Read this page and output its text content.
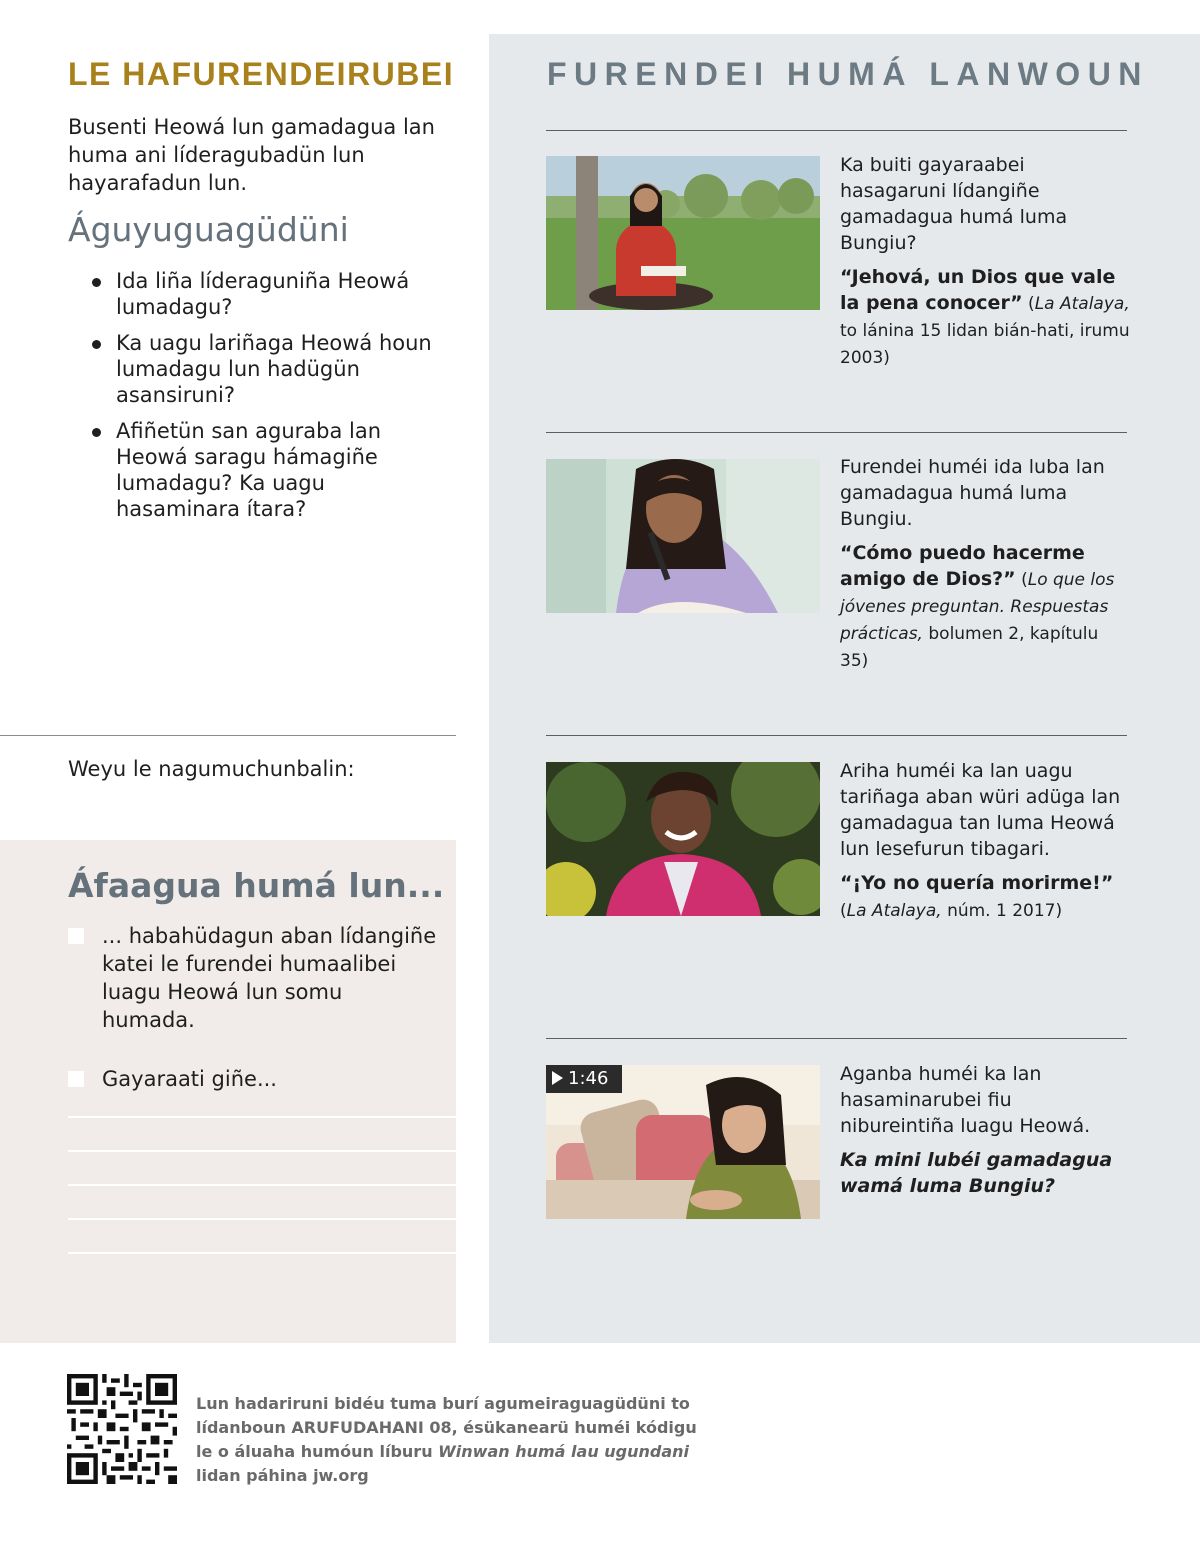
LE HAFURENDEIRUBEI

Busenti Heowá lun gamadagua lan huma ani líderagubadün lun hayarafadun lun.

Águyuguagüdüni
Ida liña líderaguniña Heowá lumadagu?
Ka uagu lariñaga Heowá houn lumadagu lun hadügün asansiruni?
Afiñetün san aguraba lan Heowá saragu hámagiñe lumadagu? Ka uagu hasaminara ítara?
Weyu le nagumuchunbalin:
Áfaagua humá lun...
... habahüdagun aban lídangiñe katei le furendei humaalibei luagu Heowá lun somu humada.
Gayaraati giñe...
FURENDEI HUMÁ LANWOUN

Ka buiti gayaraabei hasagaruni lídangiñe gamadagua humá luma Bungiu?

“Jehová, un Dios que vale la pena conocer” (La Atalaya, to lánina 15 lidan bián-hati, irumu 2003)

Furendei huméi ida luba lan gamadagua humá luma Bungiu.

“Cómo puedo hacerme amigo de Dios?” (Lo que los jóvenes preguntan. Respuestas prácticas, bolumen 2, kapítulu 35)

Ariha huméi ka lan uagu tariñaga aban würi adüga lan gamadagua tan luma Heowá lun lesefurun tibagari.

“¡Yo no quería morirme!” (La Atalaya, núm. 1 2017)

1:46	Aganba huméi ka lan hasaminarubei fiu nibureintiña luagu Heowá.

Ka mini lubéi gamadagua wamá luma Bungiu?

Lun hadariruni bidéu tuma burí agumeiraguagüdüni to lídanboun ARUFUDAHANI 08, ésükanearü huméi kódigu le o áluaha humóun líburu Winwan humá lau ugundani lidan páhina jw.org
